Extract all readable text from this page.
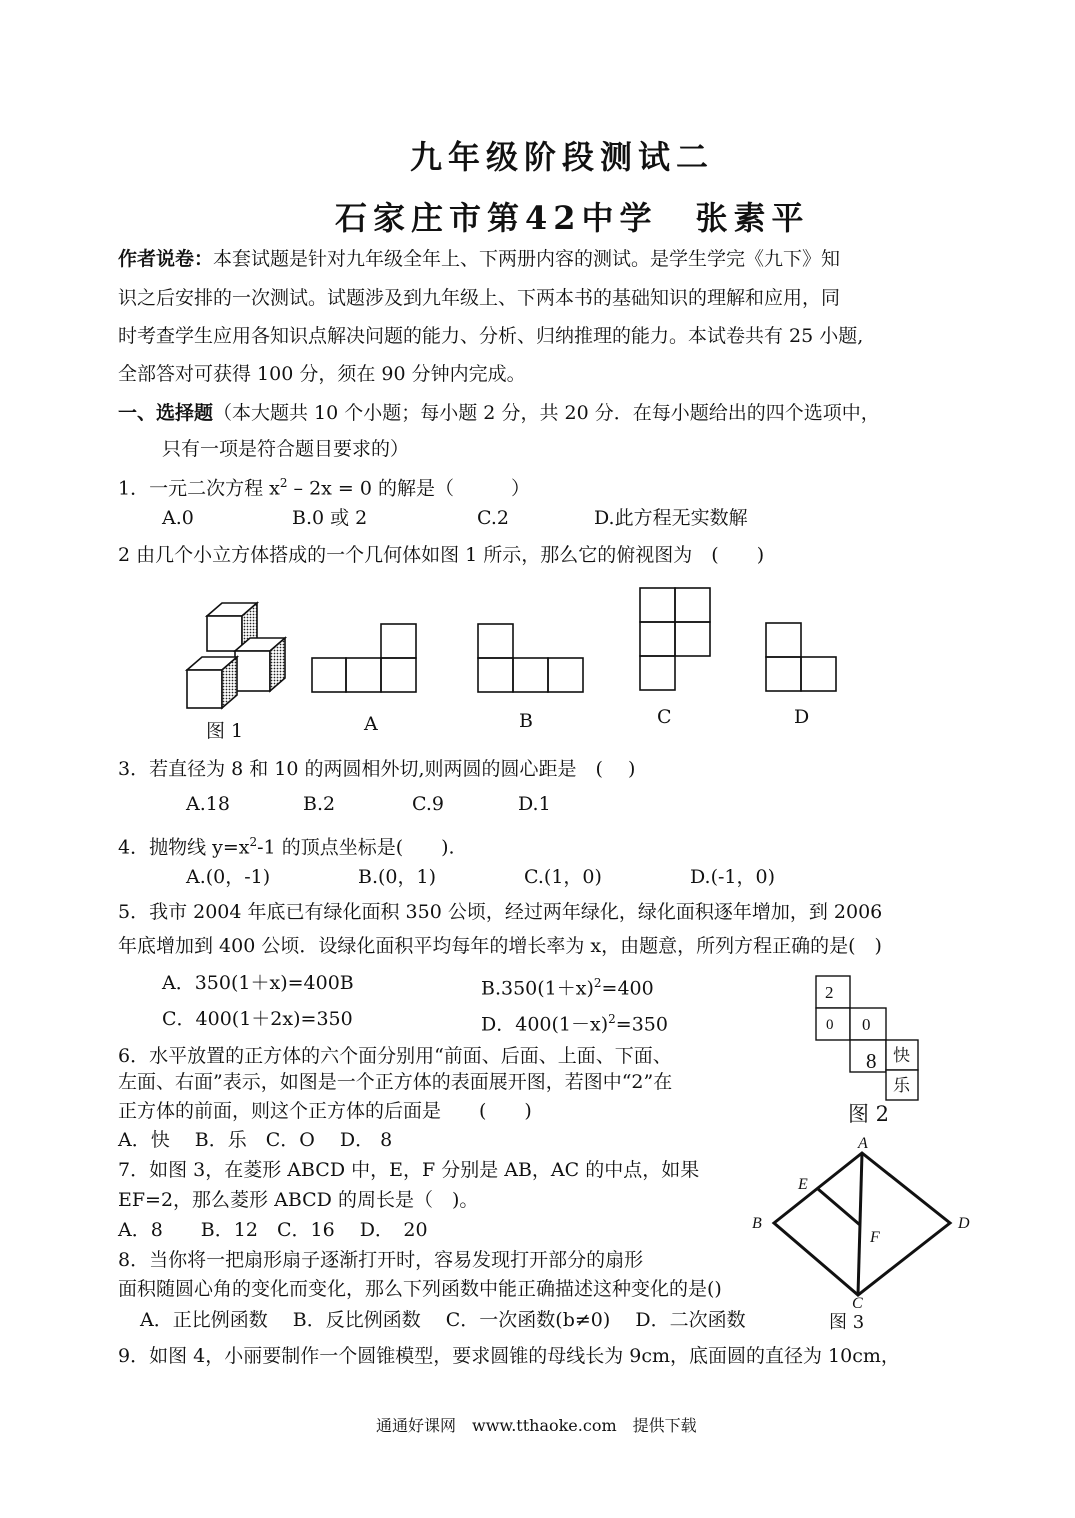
九年级阶段测试二
石家庄市第42中学　张素平
作者说卷：本套试题是针对九年级全年上、下两册内容的测试。是学生学完《九下》知
识之后安排的一次测试。试题涉及到九年级上、下两本书的基础知识的理解和应用，同
时考查学生应用各知识点解决问题的能力、分析、归纳推理的能力。本试卷共有 25 小题,
全部答对可获得 100 分，须在 90 分钟内完成。
一、选择题（本大题共 10 个小题；每小题 2 分，共 20 分．在每小题给出的四个选项中，
只有一项是符合题目要求的）
1．一元二次方程 $x^2 - 2x = 0$ 的解是（　　　）
A.0	B.0 或 2	C.2	D.此方程无实数解
2 由几个小立方体搭成的一个几何体如图 1 所示，那么它的俯视图为　(　　)
图 1	A	B	C	D
3．若直径为 8 和 10 的两圆相外切,则两圆的圆心距是　(　 )
A.18	B.2	C.9	D.1
4．抛物线 $y=x^2-1$ 的顶点坐标是(　　).
A.(0，-1)	B.(0，1)	C.(1，0)	D.(-1，0)
5．我市 2004 年底已有绿化面积 350 公顷，经过两年绿化，绿化面积逐年增加，到 2006
年底增加到 400 公顷．设绿化面积平均每年的增长率为 x，由题意，所列方程正确的是(　)
A．350(1＋x)=400B	$B.350(1+x)^2=400$
C．400(1＋2x)=350	D．$400(1-x)^2=350$
2
0 0
8 快
乐
图 2
6．水平放置的正方体的六个面分别用“前面、后面、上面、下面、
左面、右面”表示，如图是一个正方体的表面展开图，若图中“2”在
正方体的前面，则这个正方体的后面是　　(　　)
A．快　 B．乐　C．O　 D． 8	A
B
C
D
E
F
图 3
7．如图 3，在菱形 ABCD 中，E，F 分别是 AB，AC 的中点，如果
EF=2，那么菱形 ABCD 的周长是（　)。
A．8　　B．12　C．16　 D．　20
8．当你将一把扇形扇子逐渐打开时，容易发现打开部分的扇形
面积随圆心角的变化而变化，那么下列函数中能正确描述这种变化的是()
A．正比例函数　 B．反比例函数　 C．一次函数(b≠0)　 D．二次函数
9．如图 4，小丽要制作一个圆锥模型，要求圆锥的母线长为 9cm，底面圆的直径为 10cm，
通通好课网　www.tthaoke.com　提供下载
